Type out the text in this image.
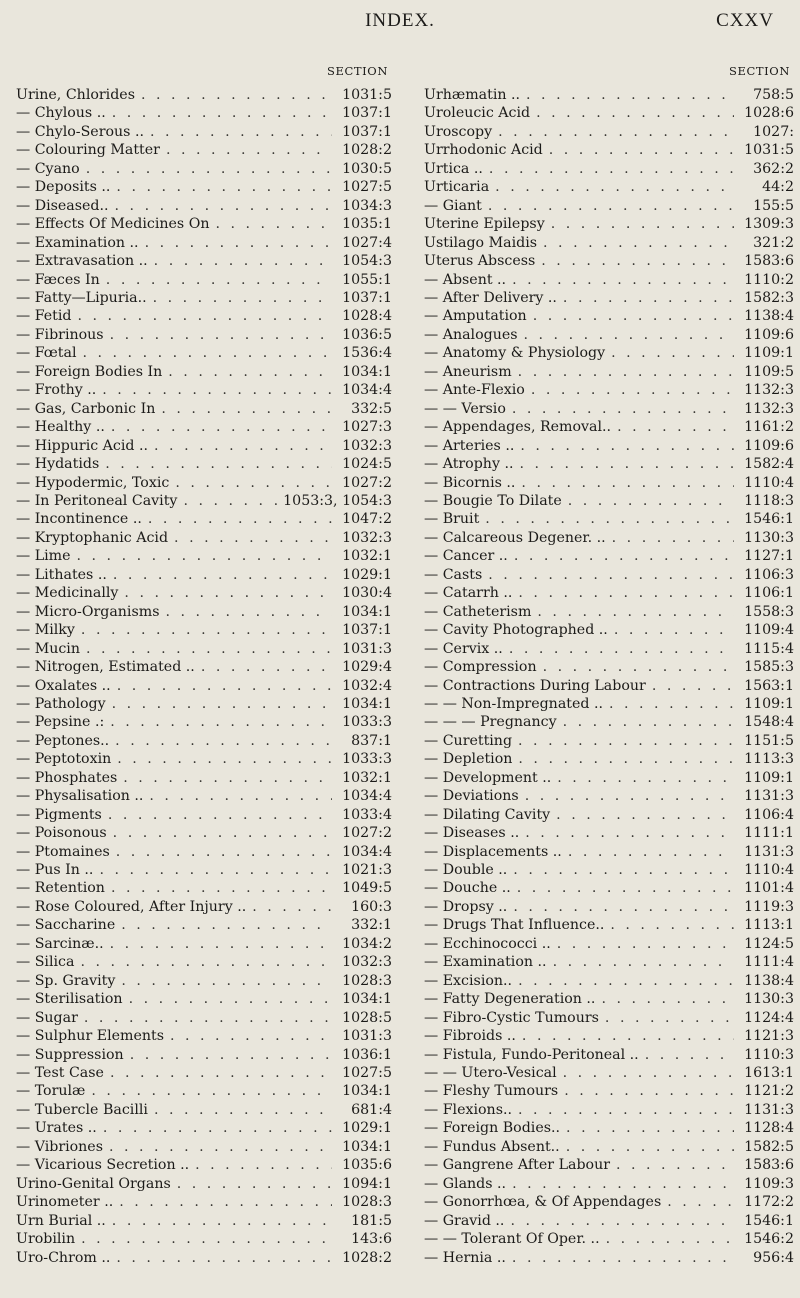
INDEX.	CXXV
SECTION
Urine, Chlorides . . .	1031:5
— Chylous .. . . .	1037:1
— Chylo-Serous .. . . .	1037:1
— Colouring Matter . . .	1028:2
— Cyano . . .	1030:5
— Deposits .. . . .	1027:5
— Diseased.. . . .	1034:3
— Effects Of Medicines On . . .	1035:1
— Examination .. . . .	1027:4
— Extravasation .. . . .	1054:3
— Fæces In . . .	1055:1
— Fatty—Lipuria.. . . .	1037:1
— Fetid . . .	1028:4
— Fibrinous . . .	1036:5
— Fœtal . . .	1536:4
— Foreign Bodies In . . .	1034:1
— Frothy .. . . .	1034:4
— Gas, Carbonic In . . .	332:5
— Healthy .. . . .	1027:3
— Hippuric Acid .. . . .	1032:3
— Hydatids . . .	1024:5
— Hypodermic, Toxic . . .	1027:2
— In Peritoneal Cavity . . .	1053:3, 1054:3
— Incontinence .. . . .	1047:2
— Kryptophanic Acid . . .	1032:3
— Lime . . .	1032:1
— Lithates .. . . .	1029:1
— Medicinally . . .	1030:4
— Micro-Organisms . . .	1034:1
— Milky . . .	1037:1
— Mucin . . .	1031:3
— Nitrogen, Estimated .. . . .	1029:4
— Oxalates .. . . .	1032:4
— Pathology . . .	1034:1
— Pepsine .: . . .	1033:3
— Peptones.. . . .	837:1
— Peptotoxin . . .	1033:3
— Phosphates . . .	1032:1
— Physalisation .. . . .	1034:4
— Pigments . . .	1033:4
— Poisonous . . .	1027:2
— Ptomaines . . .	1034:4
— Pus In .. . . .	1021:3
— Retention . . .	1049:5
— Rose Coloured, After Injury .. . . .	160:3
— Saccharine . . .	332:1
— Sarcinæ.. . . .	1034:2
— Silica . . .	1032:3
— Sp. Gravity . . .	1028:3
— Sterilisation . . .	1034:1
— Sugar . . .	1028:5
— Sulphur Elements . . .	1031:3
— Suppression . . .	1036:1
— Test Case . . .	1027:5
— Torulæ . . .	1034:1
— Tubercle Bacilli . . .	681:4
— Urates .. . . .	1029:1
— Vibriones . . .	1034:1
— Vicarious Secretion .. . . .	1035:6
Urino-Genital Organs . . .	1094:1
Urinometer .. . . .	1028:3
Urn Burial .. . . .	181:5
Urobilin . . .	143:6
Uro-Chrom .. . . .	1028:2
SECTION
Urhæmatin .. . . .	758:5
Uroleucic Acid . . .	1028:6
Uroscopy . . .	1027:
Urrhodonic Acid . . .	1031:5
Urtica .. . . .	362:2
Urticaria . . .	44:2
— Giant . . .	155:5
Uterine Epilepsy . . .	1309:3
Ustilago Maidis . . .	321:2
Uterus Abscess . . .	1583:6
— Absent .. . . .	1110:2
— After Delivery .. . . .	1582:3
— Amputation . . .	1138:4
— Analogues . . .	1109:6
— Anatomy & Physiology . . .	1109:1
— Aneurism . . .	1109:5
— Ante-Flexio . . .	1132:3
— — Versio . . .	1132:3
— Appendages, Removal.. . . .	1161:2
— Arteries .. . . .	1109:6
— Atrophy .. . . .	1582:4
— Bicornis .. . . .	1110:4
— Bougie To Dilate . . .	1118:3
— Bruit . . .	1546:1
— Calcareous Degener. .. . . .	1130:3
— Cancer .. . . .	1127:1
— Casts . . .	1106:3
— Catarrh .. . . .	1106:1
— Catheterism . . .	1558:3
— Cavity Photographed .. . . .	1109:4
— Cervix .. . . .	1115:4
— Compression . . .	1585:3
— Contractions During Labour . . .	1563:1
— — Non-Impregnated .. . . .	1109:1
— — — Pregnancy . . .	1548:4
— Curetting . . .	1151:5
— Depletion . . .	1113:3
— Development .. . . .	1109:1
— Deviations . . .	1131:3
— Dilating Cavity . . .	1106:4
— Diseases .. . . .	1111:1
— Displacements .. . . .	1131:3
— Double .. . . .	1110:4
— Douche .. . . .	1101:4
— Dropsy .. . . .	1119:3
— Drugs That Influence.. . . .	1113:1
— Ecchinococci .. . . .	1124:5
— Examination .. . . .	1111:4
— Excision.. . . .	1138:4
— Fatty Degeneration .. . . .	1130:3
— Fibro-Cystic Tumours . . .	1124:4
— Fibroids .. . . .	1121:3
— Fistula, Fundo-Peritoneal .. . . .	1110:3
— — Utero-Vesical . . .	1613:1
— Fleshy Tumours . . .	1121:2
— Flexions.. . . .	1131:3
— Foreign Bodies.. . . .	1128:4
— Fundus Absent.. . . .	1582:5
— Gangrene After Labour . . .	1583:6
— Glands .. . . .	1109:3
— Gonorrhœa, & Of Appendages . . .	1172:2
— Gravid .. . . .	1546:1
— — Tolerant Of Oper. .. . . .	1546:2
— Hernia .. . . .	956:4
